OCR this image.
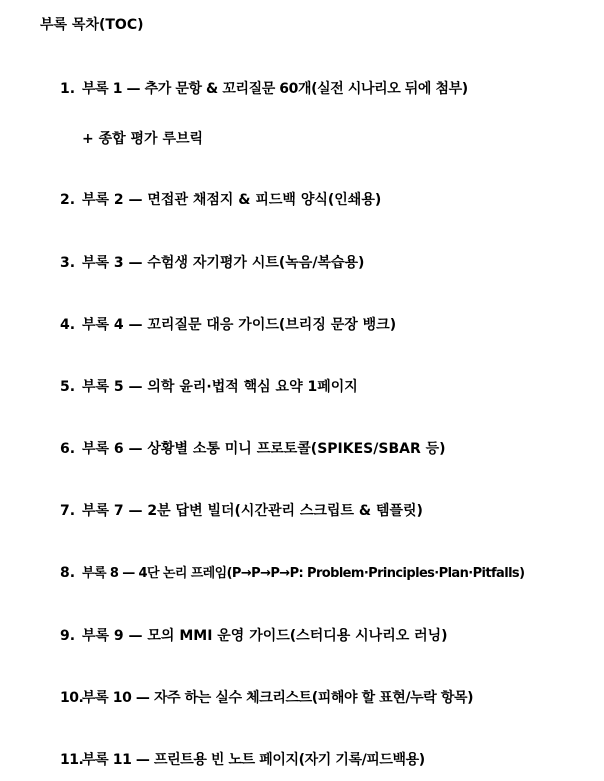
부록 목차(TOC)
1. 부록 1 — 추가 문항 & 꼬리질문 60개(실전 시나리오 뒤에 첨부)
+ 종합 평가 루브릭
2. 부록 2 — 면접관 채점지 & 피드백 양식(인쇄용)
3. 부록 3 — 수험생 자기평가 시트(녹음/복습용)
4. 부록 4 — 꼬리질문 대응 가이드(브리징 문장 뱅크)
5. 부록 5 — 의학 윤리·법적 핵심 요약 1페이지
6. 부록 6 — 상황별 소통 미니 프로토콜(SPIKES/SBAR 등)
7. 부록 7 — 2분 답변 빌더(시간관리 스크립트 & 템플릿)
8. 부록 8 — 4단 논리 프레임(P→P→P→P: Problem·Principles·Plan·Pitfalls)
9. 부록 9 — 모의 MMI 운영 가이드(스터디용 시나리오 러닝)
10.
부록 10 — 자주 하는 실수 체크리스트(피해야 할 표현/누락 항목)
11.
부록 11 — 프린트용 빈 노트 페이지(자기 기록/피드백용)
